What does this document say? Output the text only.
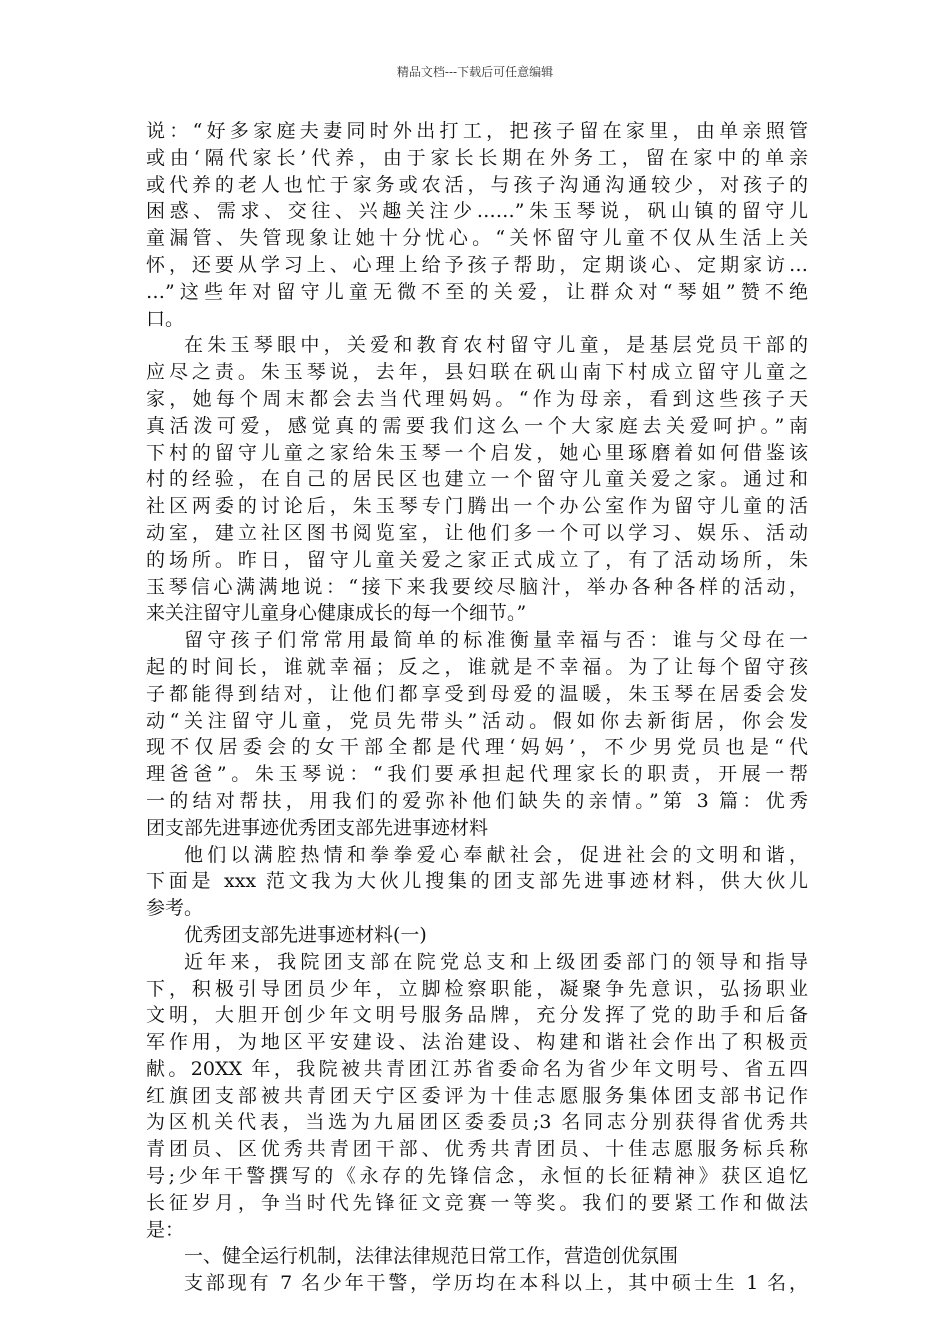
精品文档---下载后可任意编辑
说：“好多家庭夫妻同时外出打工，把孩子留在家里，由单亲照管
或由‘隔代家长’代养，由于家长长期在外务工，留在家中的单亲
或代养的老人也忙于家务或农活，与孩子沟通沟通较少，对孩子的
困惑、需求、交往、兴趣关注少……”朱玉琴说，矾山镇的留守儿
童漏管、失管现象让她十分忧心。“关怀留守儿童不仅从生活上关
怀，还要从学习上、心理上给予孩子帮助，定期谈心、定期家访…
…”这些年对留守儿童无微不至的关爱，让群众对“琴姐”赞不绝
口。
在朱玉琴眼中，关爱和教育农村留守儿童，是基层党员干部的
应尽之责。朱玉琴说，去年，县妇联在矾山南下村成立留守儿童之
家，她每个周末都会去当代理妈妈。“作为母亲，看到这些孩子天
真活泼可爱，感觉真的需要我们这么一个大家庭去关爱呵护。”南
下村的留守儿童之家给朱玉琴一个启发，她心里琢磨着如何借鉴该
村的经验，在自己的居民区也建立一个留守儿童关爱之家。通过和
社区两委的讨论后，朱玉琴专门腾出一个办公室作为留守儿童的活
动室，建立社区图书阅览室，让他们多一个可以学习、娱乐、活动
的场所。昨日，留守儿童关爱之家正式成立了，有了活动场所，朱
玉琴信心满满地说：“接下来我要绞尽脑汁，举办各种各样的活动，
来关注留守儿童身心健康成长的每一个细节。”
留守孩子们常常用最简单的标准衡量幸福与否：谁与父母在一
起的时间长，谁就幸福；反之，谁就是不幸福。为了让每个留守孩
子都能得到结对，让他们都享受到母爱的温暖，朱玉琴在居委会发
动“关注留守儿童，党员先带头”活动。假如你去新街居，你会发
现不仅居委会的女干部全都是代理‘妈妈’，不少男党员也是“代
理爸爸”。朱玉琴说：“我们要承担起代理家长的职责，开展一帮
一的结对帮扶，用我们的爱弥补他们缺失的亲情。”第 3 篇：优秀
团支部先进事迹优秀团支部先进事迹材料
他们以满腔热情和拳拳爱心奉献社会，促进社会的文明和谐，
下面是 xxx 范文我为大伙儿搜集的团支部先进事迹材料，供大伙儿
参考。
优秀团支部先进事迹材料(一)
近年来，我院团支部在院党总支和上级团委部门的领导和指导
下，积极引导团员少年，立脚检察职能，凝聚争先意识，弘扬职业
文明，大胆开创少年文明号服务品牌，充分发挥了党的助手和后备
军作用，为地区平安建设、法治建设、构建和谐社会作出了积极贡
献。20XX 年，我院被共青团江苏省委命名为省少年文明号、省五四
红旗团支部被共青团天宁区委评为十佳志愿服务集体团支部书记作
为区机关代表，当选为九届团区委委员;3 名同志分别获得省优秀共
青团员、区优秀共青团干部、优秀共青团员、十佳志愿服务标兵称
号;少年干警撰写的《永存的先锋信念，永恒的长征精神》获区追忆
长征岁月，争当时代先锋征文竞赛一等奖。我们的要紧工作和做法
是：
一、健全运行机制，法律法律规范日常工作，营造创优氛围
支部现有 7 名少年干警，学历均在本科以上，其中硕士生 1 名，
